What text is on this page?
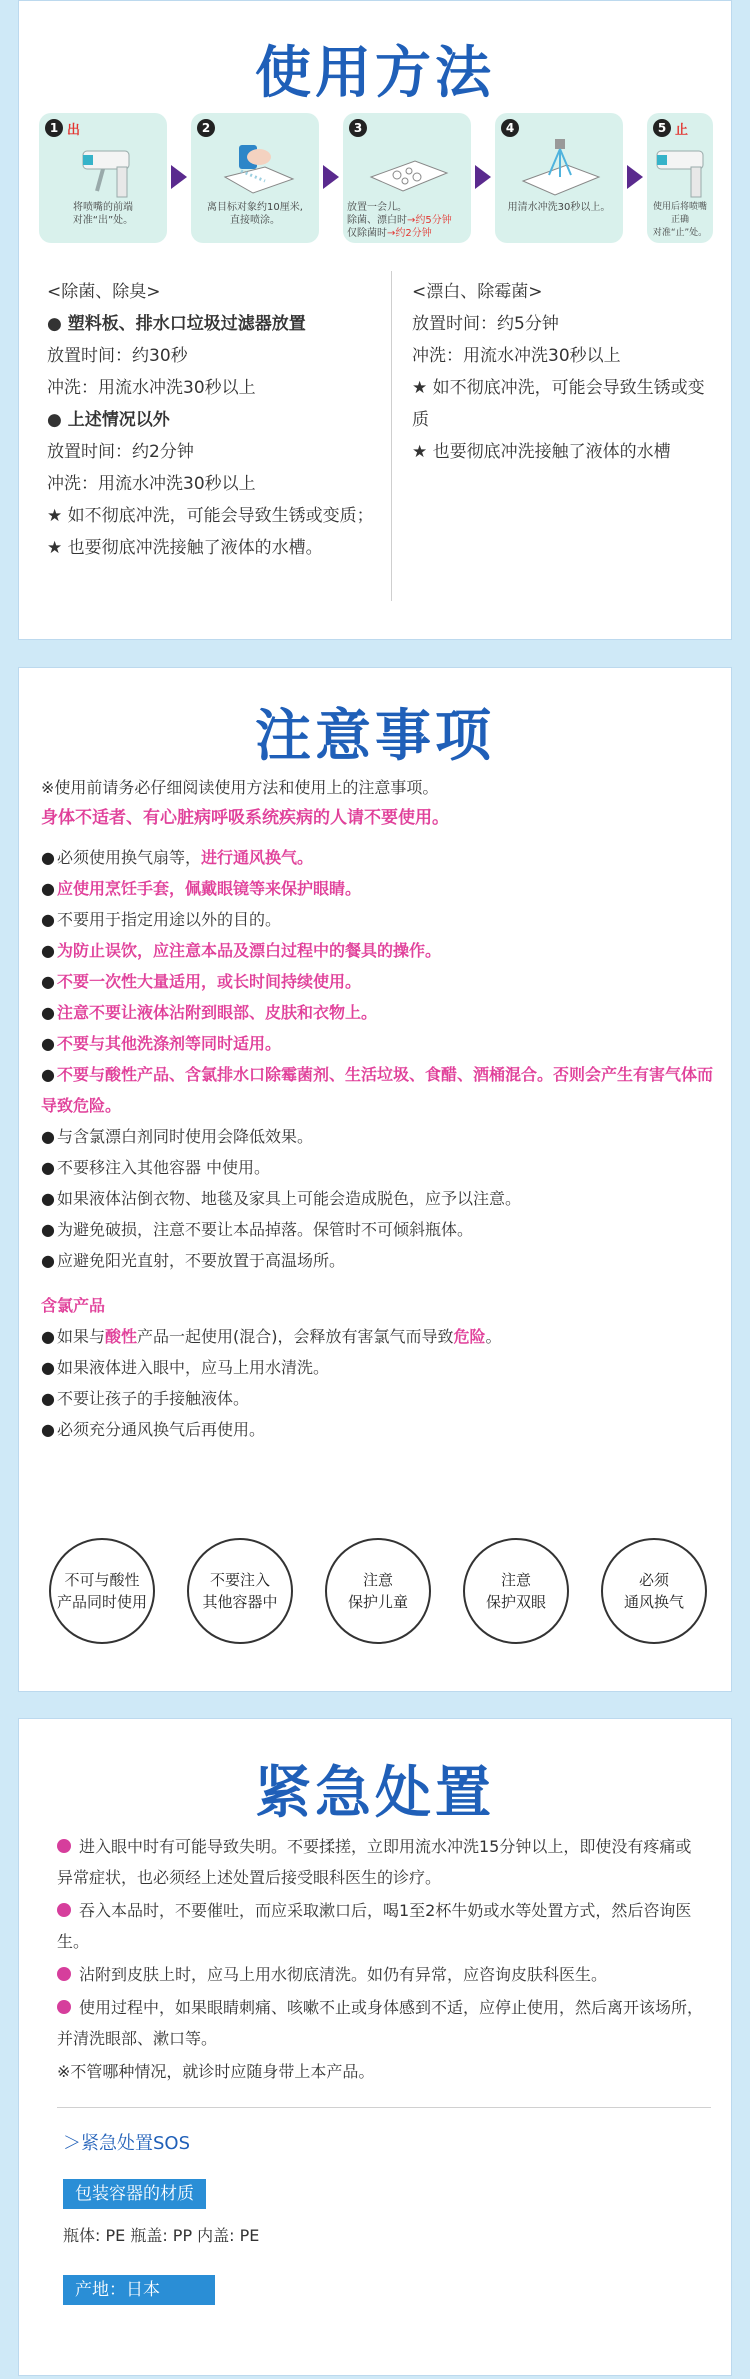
使用方法
1 出
将喷嘴的前端
对准“出”处。
2
离目标对象约10厘米,
直接喷涂。
3
放置一会儿。
除菌、漂白时→约5分钟
仅除菌时→约2分钟
4
用清水冲洗30秒以上。
5 止
使用后将喷嘴正确
对准“止”处。
<除菌、除臭>
● 塑料板、排水口垃圾过滤器放置
放置时间：约30秒
冲洗：用流水冲洗30秒以上
● 上述情况以外
放置时间：约2分钟
冲洗：用流水冲洗30秒以上
★ 如不彻底冲洗，可能会导致生锈或变质；
★ 也要彻底冲洗接触了液体的水槽。
<漂白、除霉菌>
放置时间：约5分钟
冲洗：用流水冲洗30秒以上
★ 如不彻底冲洗，可能会导致生锈或变质
★ 也要彻底冲洗接触了液体的水槽
注意事项
※使用前请务必仔细阅读使用方法和使用上的注意事项。
身体不适者、有心脏病呼吸系统疾病的人请不要使用。
● 必须使用换气扇等，进行通风换气。
● 应使用烹饪手套，佩戴眼镜等来保护眼睛。
● 不要用于指定用途以外的目的。
● 为防止误饮，应注意本品及漂白过程中的餐具的操作。
● 不要一次性大量适用，或长时间持续使用。
● 注意不要让液体沾附到眼部、皮肤和衣物上。
● 不要与其他洗涤剂等同时适用。
● 不要与酸性产品、含氯排水口除霉菌剂、生活垃圾、食醋、酒桶混合。否则会产生有害气体而导致危险。
● 与含氯漂白剂同时使用会降低效果。
● 不要移注入其他容器 中使用。
● 如果液体沾倒衣物、地毯及家具上可能会造成脱色，应予以注意。
● 为避免破损，注意不要让本品掉落。保管时不可倾斜瓶体。
● 应避免阳光直射，不要放置于高温场所。
含氯产品
● 如果与酸性产品一起使用(混合)，会释放有害氯气而导致危险。
● 如果液体进入眼中，应马上用水清洗。
● 不要让孩子的手接触液体。
● 必须充分通风换气后再使用。
不可与酸性
产品同时使用
不要注入
其他容器中
注意
保护儿童
注意
保护双眼
必须
通风换气
紧急处置
进入眼中时有可能导致失明。不要揉搓，立即用流水冲洗15分钟以上，即使没有疼痛或异常症状，也必须经上述处置后接受眼科医生的诊疗。
吞入本品时，不要催吐，而应采取漱口后，喝1至2杯牛奶或水等处置方式，然后咨询医生。
沾附到皮肤上时，应马上用水彻底清洗。如仍有异常，应咨询皮肤科医生。
使用过程中，如果眼睛刺痛、咳嗽不止或身体感到不适，应停止使用，然后离开该场所，并清洗眼部、漱口等。
※不管哪种情况，就诊时应随身带上本产品。
＞紧急处置SOS
包装容器的材质
瓶体: PE 瓶盖: PP 内盖: PE
产地：日本
